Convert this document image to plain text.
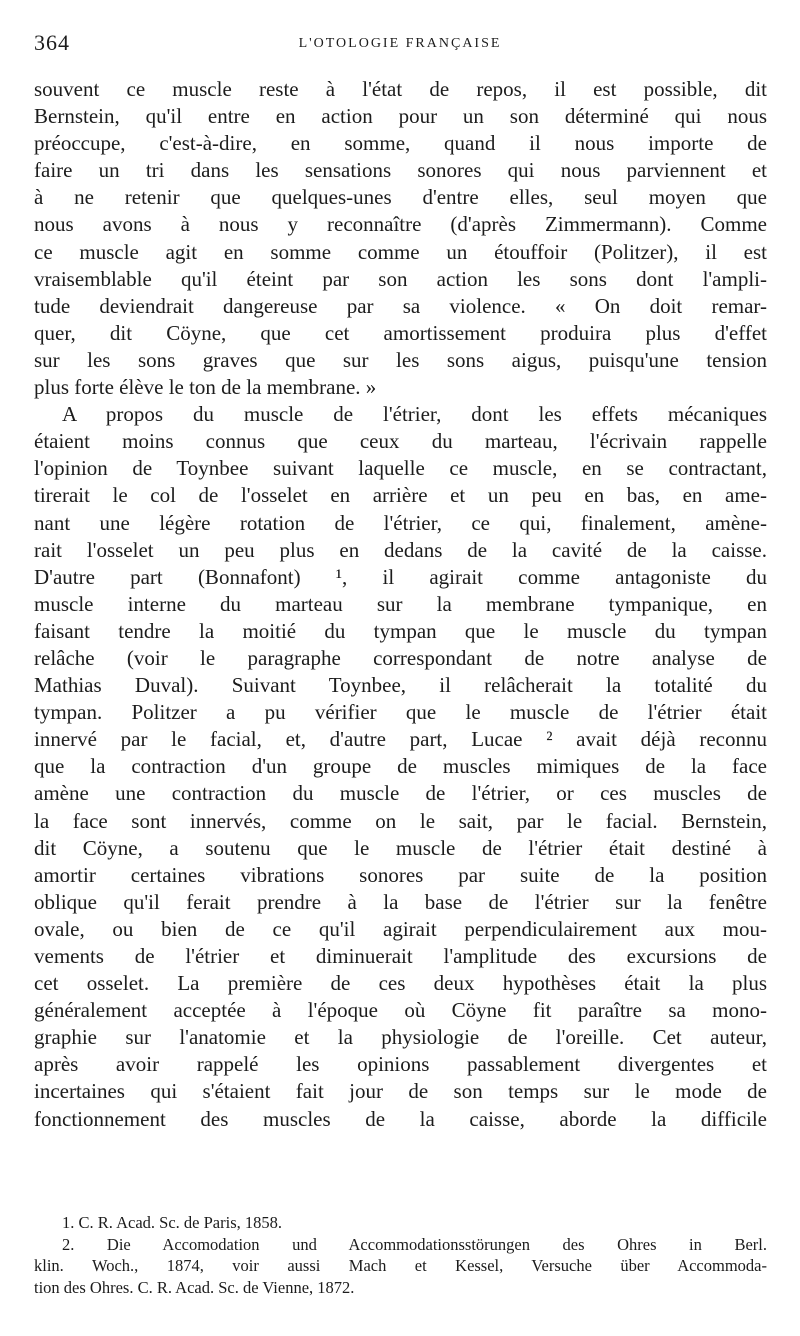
364	L'OTOLOGIE FRANÇAISE
souvent ce muscle reste à l'état de repos, il est possible, dit
Bernstein, qu'il entre en action pour un son déterminé qui nous
préoccupe, c'est-à-dire, en somme, quand il nous importe de
faire un tri dans les sensations sonores qui nous parviennent et
à ne retenir que quelques-unes d'entre elles, seul moyen que
nous avons à nous y reconnaître (d'après Zimmermann). Comme
ce muscle agit en somme comme un étouffoir (Politzer), il est
vraisemblable qu'il éteint par son action les sons dont l'ampli-
tude deviendrait dangereuse par sa violence. « On doit remar-
quer, dit Cöyne, que cet amortissement produira plus d'effet
sur les sons graves que sur les sons aigus, puisqu'une tension
plus forte élève le ton de la membrane. »
A propos du muscle de l'étrier, dont les effets mécaniques
étaient moins connus que ceux du marteau, l'écrivain rappelle
l'opinion de Toynbee suivant laquelle ce muscle, en se contractant,
tirerait le col de l'osselet en arrière et un peu en bas, en ame-
nant une légère rotation de l'étrier, ce qui, finalement, amène-
rait l'osselet un peu plus en dedans de la cavité de la caisse.
D'autre part (Bonnafont) ¹, il agirait comme antagoniste du
muscle interne du marteau sur la membrane tympanique, en
faisant tendre la moitié du tympan que le muscle du tympan
relâche (voir le paragraphe correspondant de notre analyse de
Mathias Duval). Suivant Toynbee, il relâcherait la totalité du
tympan. Politzer a pu vérifier que le muscle de l'étrier était
innervé par le facial, et, d'autre part, Lucae ² avait déjà reconnu
que la contraction d'un groupe de muscles mimiques de la face
amène une contraction du muscle de l'étrier, or ces muscles de
la face sont innervés, comme on le sait, par le facial. Bernstein,
dit Cöyne, a soutenu que le muscle de l'étrier était destiné à
amortir certaines vibrations sonores par suite de la position
oblique qu'il ferait prendre à la base de l'étrier sur la fenêtre
ovale, ou bien de ce qu'il agirait perpendiculairement aux mou-
vements de l'étrier et diminuerait l'amplitude des excursions de
cet osselet. La première de ces deux hypothèses était la plus
généralement acceptée à l'époque où Cöyne fit paraître sa mono-
graphie sur l'anatomie et la physiologie de l'oreille. Cet auteur,
après avoir rappelé les opinions passablement divergentes et
incertaines qui s'étaient fait jour de son temps sur le mode de
fonctionnement des muscles de la caisse, aborde la difficile
1. C. R. Acad. Sc. de Paris, 1858.
2. Die Accomodation und Accommodationsstörungen des Ohres in Berl.
klin. Woch., 1874, voir aussi Mach et Kessel, Versuche über Accommoda-
tion des Ohres. C. R. Acad. Sc. de Vienne, 1872.
